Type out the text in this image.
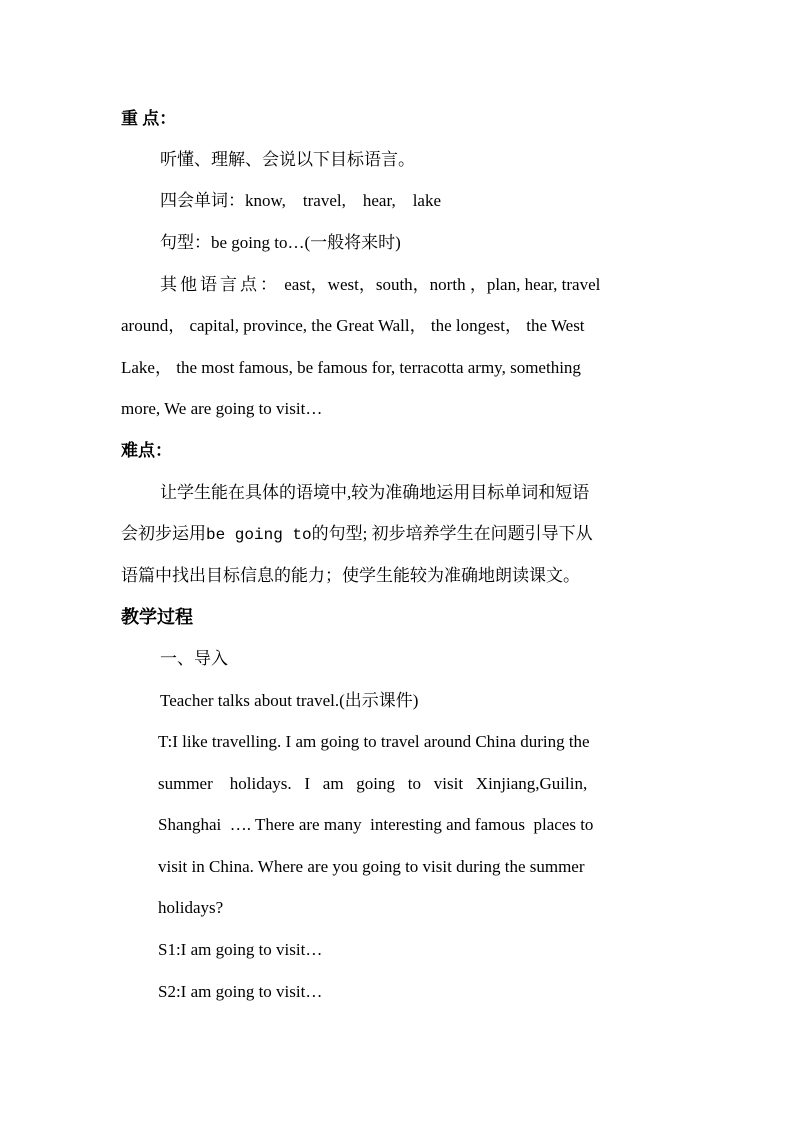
重 点：
听懂、理解、会说以下目标语言。
四会单词：know,    travel,    hear,    lake
句型：be going to…(一般将来时)
其他语言点： east，west，south，north ，plan, hear, travel
around， capital, province, the Great Wall， the longest， the West
Lake， the most famous, be famous for, terracotta army, something
more, We are going to visit…
难点：
让学生能在具体的语境中,较为准确地运用目标单词和短语
会初步运用be going to的句型; 初步培养学生在问题引导下从
语篇中找出目标信息的能力；使学生能较为准确地朗读课文。
教学过程
一、导入
Teacher talks about travel.(出示课件)
T:I like travelling. I am going to travel around China during the
summer    holidays.   I   am   going   to   visit   Xinjiang,Guilin,
Shanghai  …. There are many  interesting and famous  places to
visit in China. Where are you going to visit during the summer
holidays?
S1:I am going to visit…
S2:I am going to visit…
